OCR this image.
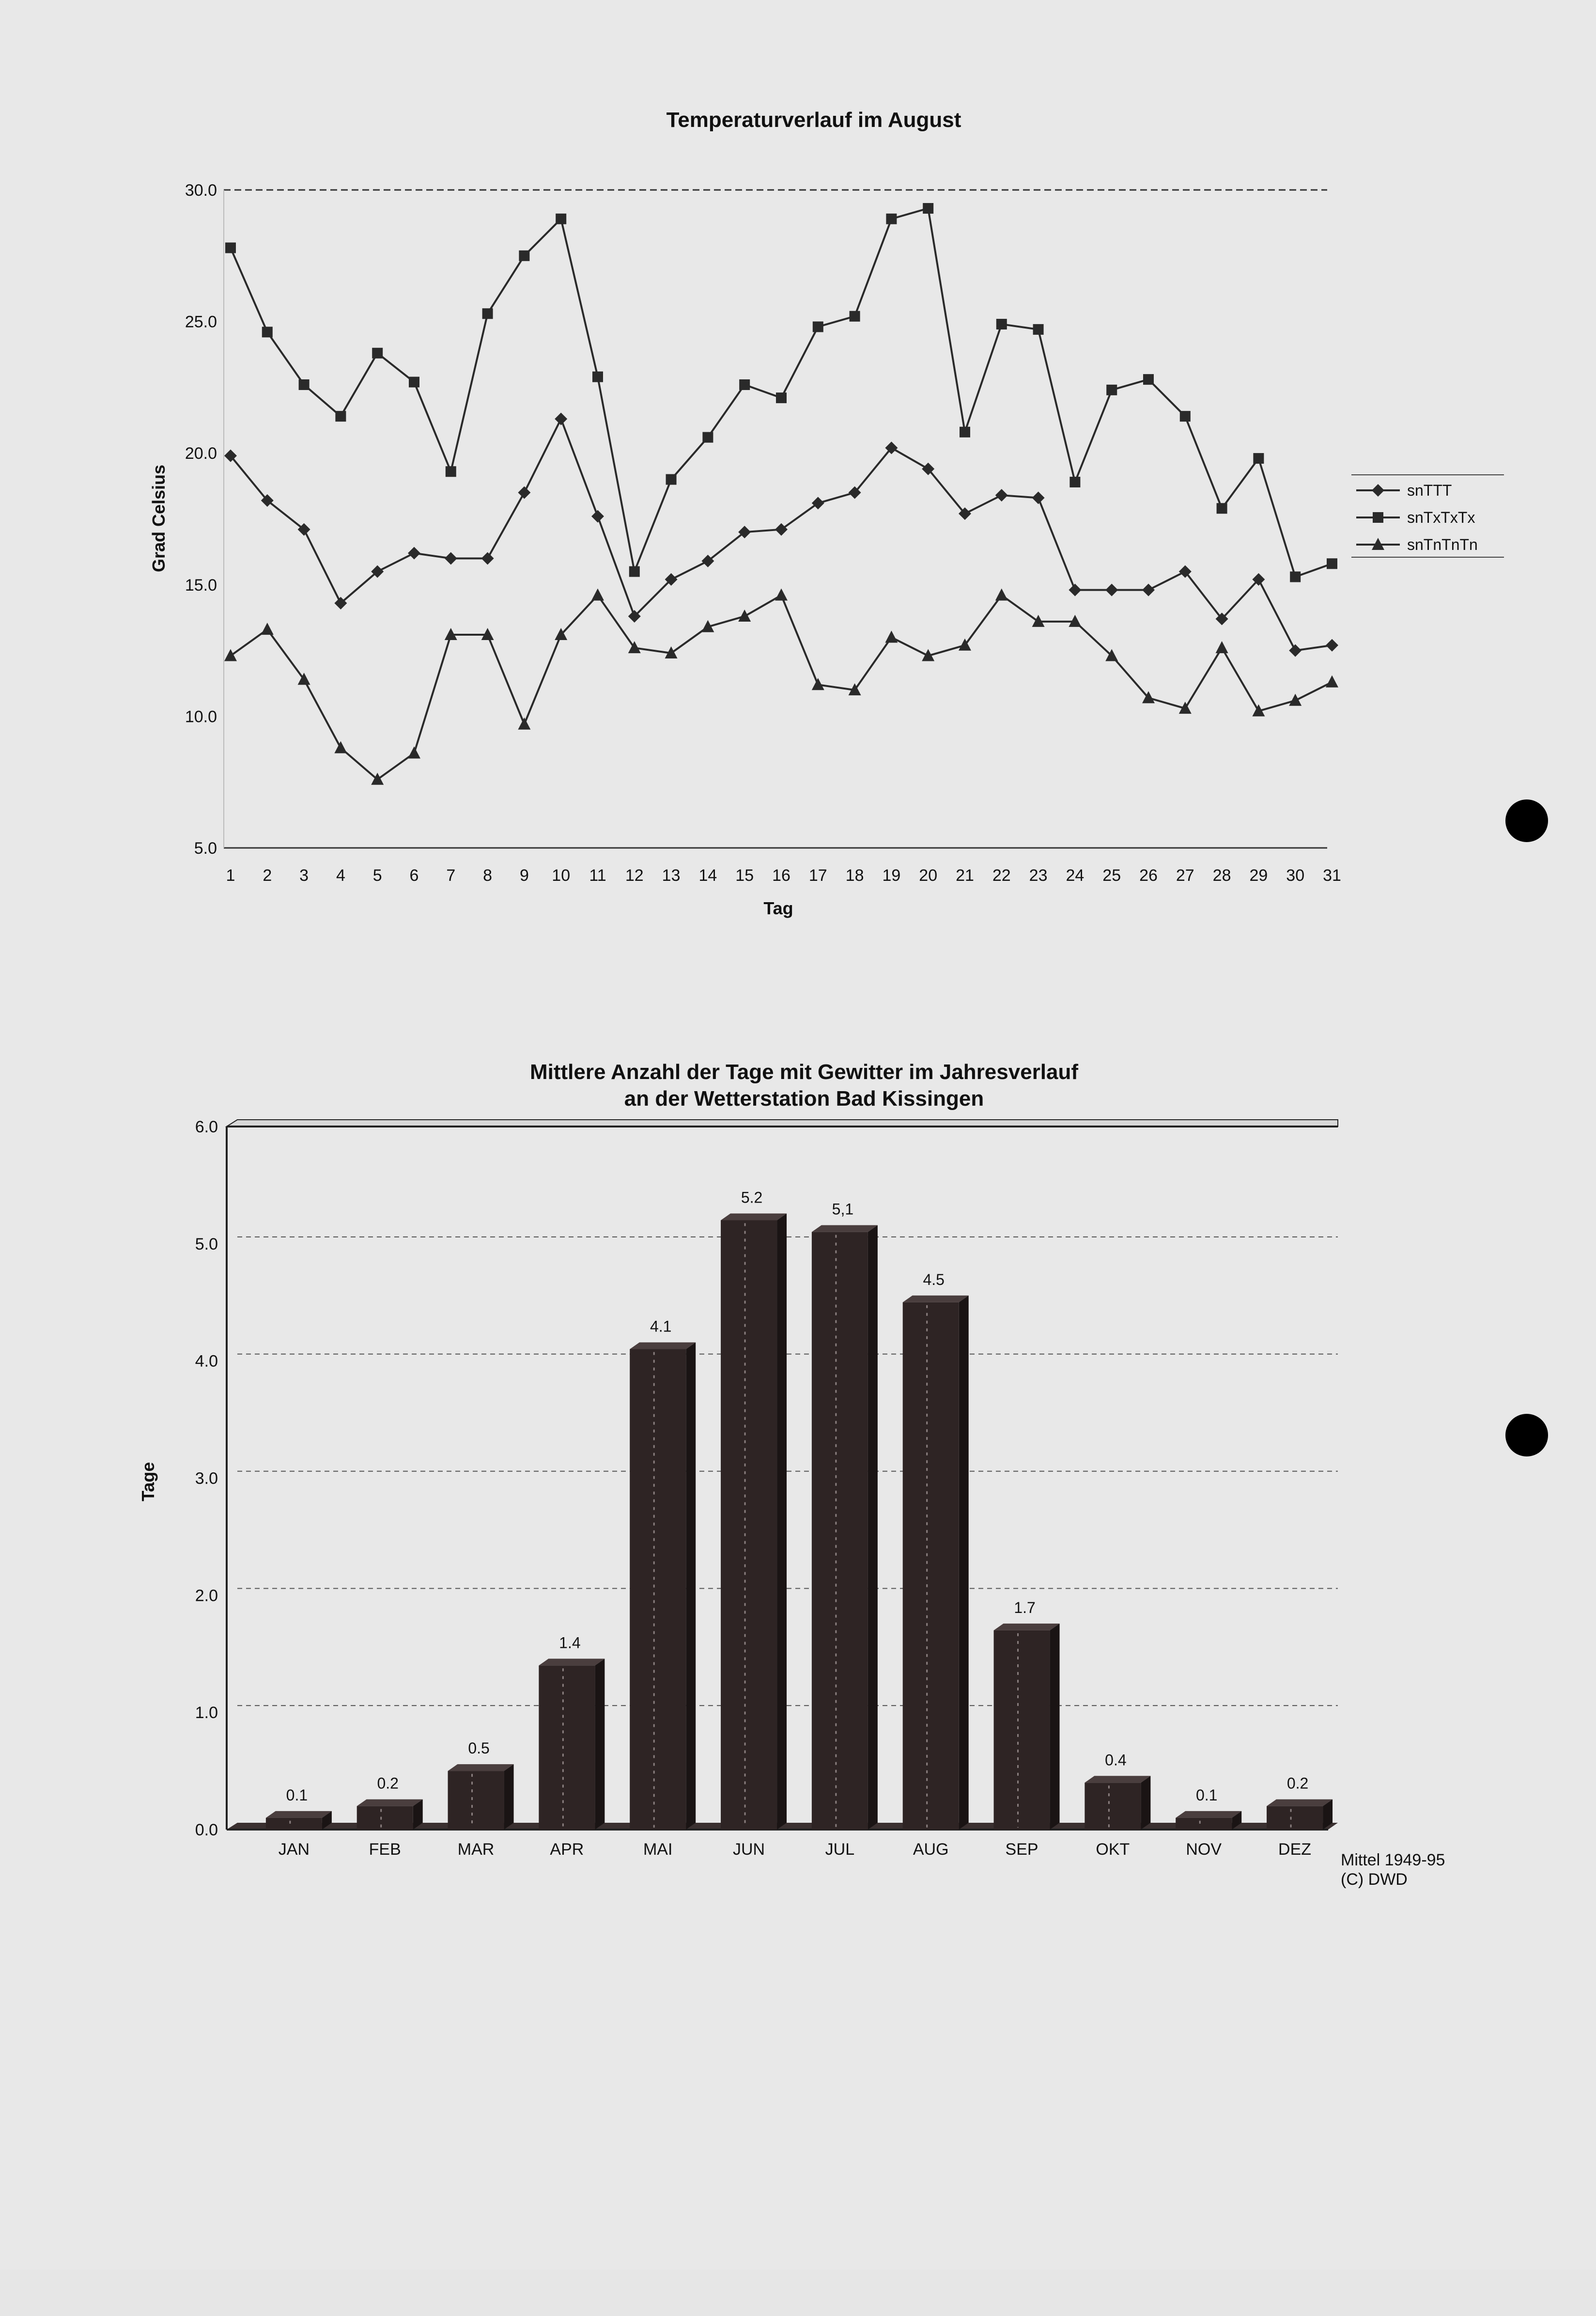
Temperaturverlauf im August
Grad Celsius
Tag
5.0
10.0
15.0
20.0
25.0
30.0
1 2 3 4 5 6 7 8 9 10 11 12 13 14 15 16 17 18 19 20 21 22 23 24 25 26 27 28 29 30 31
snTTT
snTxTxTx
snTnTnTn
Mittlere Anzahl der Tage mit Gewitter im Jahresverlauf
an der Wetterstation Bad Kissingen
Tage
0.0
1.0
2.0
3.0
4.0
5.0
6.0
0.1
0.2
0.5
1.4
4.1
5.2
5,1
4.5
1.7
0.4
0.1
0.2
JAN	FEB	MAR	APR	MAI	JUN	JUL	AUG	SEP	OKT	NOV	DEZ
Mittel 1949-95
(C) DWD
